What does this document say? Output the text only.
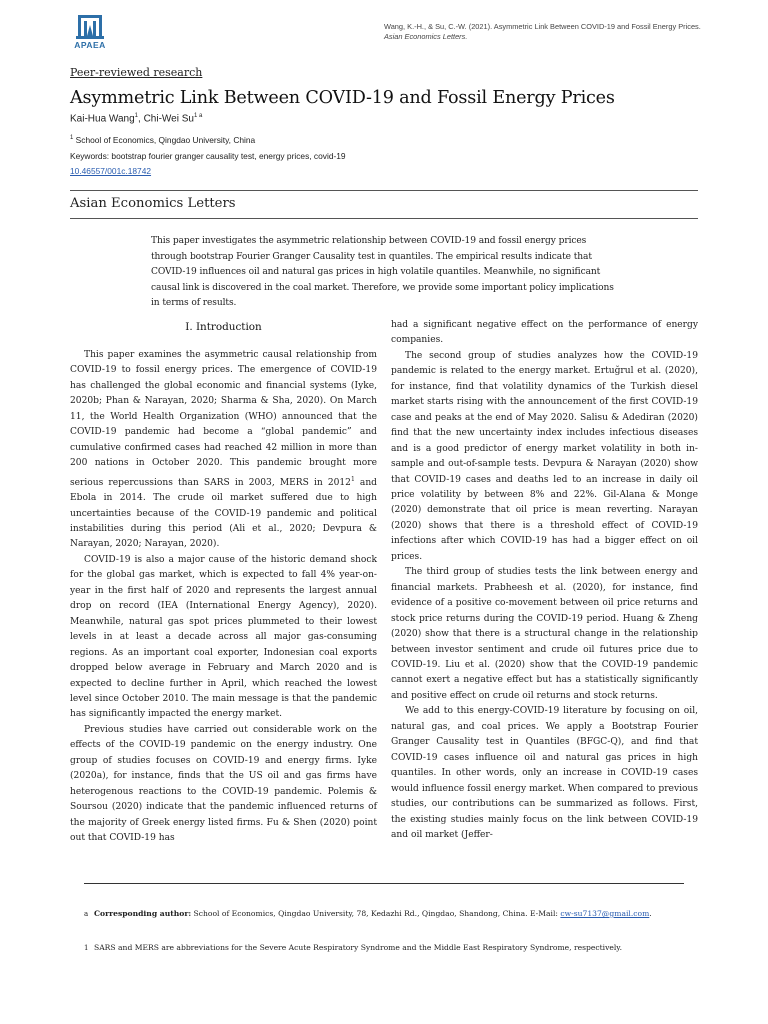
APAEA
Wang, K.-H., & Su, C.-W. (2021). Asymmetric Link Between COVID-19 and Fossil Energy Prices. Asian Economics Letters.
Peer-reviewed research
Asymmetric Link Between COVID-19 and Fossil Energy Prices
Kai-Hua Wang$^1$, Chi-Wei $Su^{1 a}$
$^1$ School of Economics, Qingdao University, China
Keywords: bootstrap fourier granger causality test, energy prices, covid-19
10.46557/001c.18742
Asian Economics Letters

This paper investigates the asymmetric relationship between COVID-19 and fossil energy prices through bootstrap Fourier Granger Causality test in quantiles. The empirical results indicate that COVID-19 influences oil and natural gas prices in high volatile quantiles. Meanwhile, no significant causal link is discovered in the coal market. Therefore, we provide some important policy implications in terms of results.

I. Introduction

This paper examines the asymmetric causal relationship from COVID-19 to fossil energy prices. The emergence of COVID-19 has challenged the global economic and financial systems (Iyke, 2020b; Phan & Narayan, 2020; Sharma & Sha, 2020). On March 11, the World Health Organization (WHO) announced that the COVID-19 pandemic had become a “global pandemic” and cumulative confirmed cases had reached 42 million in more than 200 nations in October 2020. This pandemic brought more serious repercussions than SARS in 2003, MERS in 2012$^1$ and Ebola in 2014. The crude oil market suffered due to high uncertainties because of the COVID-19 pandemic and political instabilities during this period (Ali et al., 2020; Devpura & Narayan, 2020; Narayan, 2020).

COVID-19 is also a major cause of the historic demand shock for the global gas market, which is expected to fall 4% year-on-year in the first half of 2020 and represents the largest annual drop on record (IEA (International Energy Agency), 2020). Meanwhile, natural gas spot prices plummeted to their lowest levels in at least a decade across all major gas-consuming regions. As an important coal exporter, Indonesian coal exports dropped below average in February and March 2020 and is expected to decline further in April, which reached the lowest level since October 2010. The main message is that the pandemic has significantly impacted the energy market.

Previous studies have carried out considerable work on the effects of the COVID-19 pandemic on the energy industry. One group of studies focuses on COVID-19 and energy firms. Iyke (2020a), for instance, finds that the US oil and gas firms have heterogenous reactions to the COVID-19 pandemic. Polemis & Soursou (2020) indicate that the pandemic influenced returns of the majority of Greek energy listed firms. Fu & Shen (2020) point out that COVID-19 has

had a significant negative effect on the performance of energy companies.

The second group of studies analyzes how the COVID-19 pandemic is related to the energy market. Ertuğrul et al. (2020), for instance, find that volatility dynamics of the Turkish diesel market starts rising with the announcement of the first COVID-19 case and peaks at the end of May 2020. Salisu & Adediran (2020) find that the new uncertainty index includes infectious diseases and is a good predictor of energy market volatility in both in-sample and out-of-sample tests. Devpura & Narayan (2020) show that COVID-19 cases and deaths led to an increase in daily oil price volatility by between 8% and 22%. Gil-Alana & Monge (2020) demonstrate that oil price is mean reverting. Narayan (2020) shows that there is a threshold effect of COVID-19 infections after which COVID-19 has had a bigger effect on oil prices.

The third group of studies tests the link between energy and financial markets. Prabheesh et al. (2020), for instance, find evidence of a positive co-movement between oil price returns and stock price returns during the COVID-19 period. Huang & Zheng (2020) show that there is a structural change in the relationship between investor sentiment and crude oil futures price due to COVID-19. Liu et al. (2020) show that the COVID-19 pandemic cannot exert a negative effect but has a statistically significantly and positive effect on crude oil returns and stock returns.

We add to this energy-COVID-19 literature by focusing on oil, natural gas, and coal prices. We apply a Bootstrap Fourier Granger Causality test in Quantiles (BFGC-Q), and find that COVID-19 cases influence oil and natural gas prices in high quantiles. In other words, only an increase in COVID-19 cases would influence fossil energy market. When compared to previous studies, our contributions can be summarized as follows. First, the existing studies mainly focus on the link between COVID-19 and oil market (Jeffer-

a Corresponding author: School of Economics, Qingdao University, 78, Kedazhi Rd., Qingdao, Shandong, China. E-Mail: cw-su7137@gmail.com.
1 SARS and MERS are abbreviations for the Severe Acute Respiratory Syndrome and the Middle East Respiratory Syndrome, respectively.
